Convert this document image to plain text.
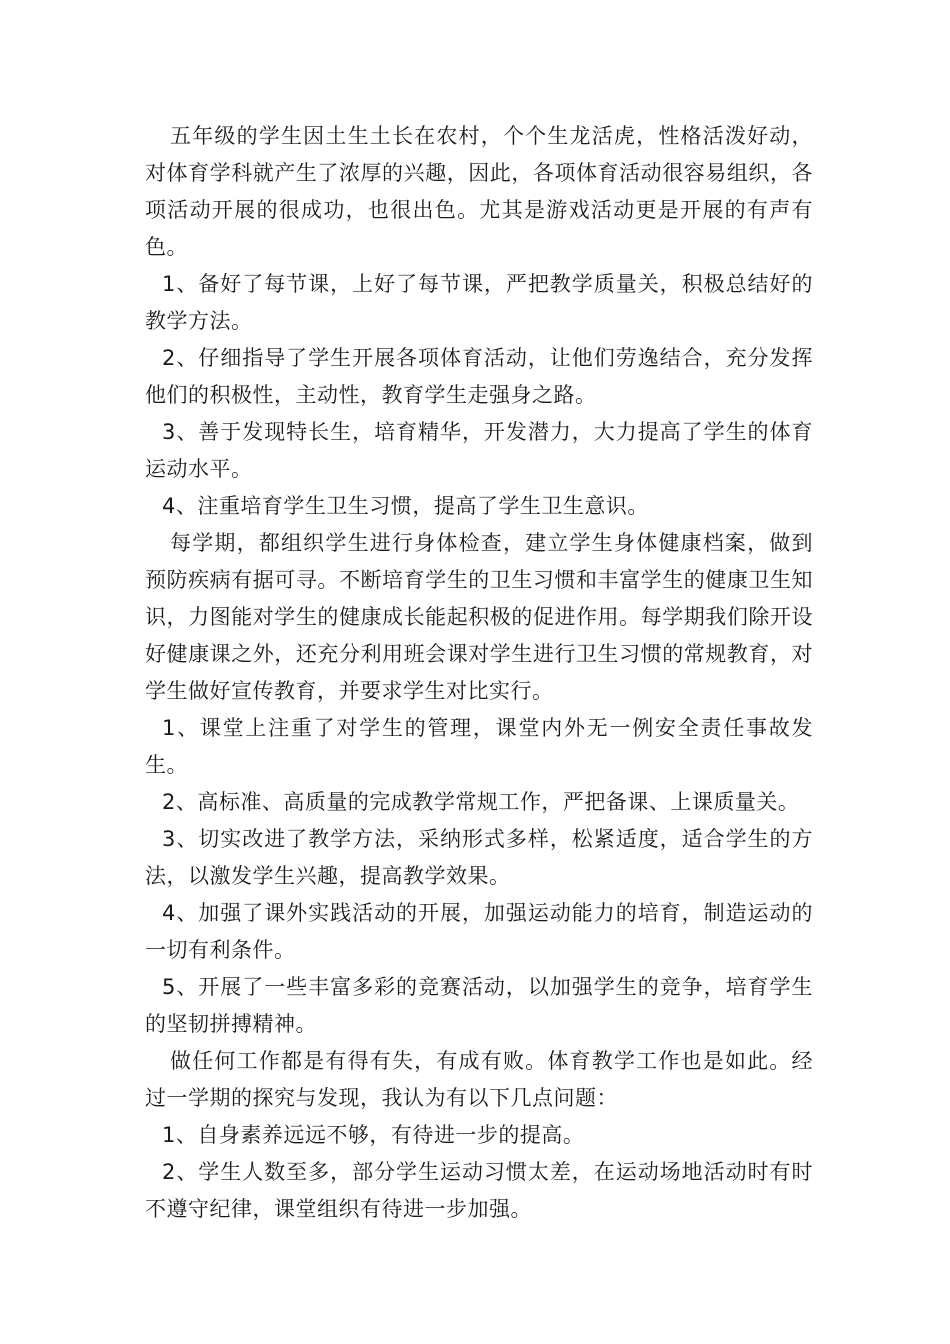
五年级的学生因土生土长在农村，个个生龙活虎，性格活泼好动，对体育学科就产生了浓厚的兴趣，因此，各项体育活动很容易组织，各项活动开展的很成功，也很出色。尤其是游戏活动更是开展的有声有色。

1、备好了每节课，上好了每节课，严把教学质量关，积极总结好的教学方法。

2、仔细指导了学生开展各项体育活动，让他们劳逸结合，充分发挥他们的积极性，主动性，教育学生走强身之路。

3、善于发现特长生，培育精华，开发潜力，大力提高了学生的体育运动水平。

4、注重培育学生卫生习惯，提高了学生卫生意识。

每学期，都组织学生进行身体检查，建立学生身体健康档案，做到预防疾病有据可寻。不断培育学生的卫生习惯和丰富学生的健康卫生知识，力图能对学生的健康成长能起积极的促进作用。每学期我们除开设好健康课之外，还充分利用班会课对学生进行卫生习惯的常规教育，对学生做好宣传教育，并要求学生对比实行。

1、课堂上注重了对学生的管理，课堂内外无一例安全责任事故发生。

2、高标准、高质量的完成教学常规工作，严把备课、上课质量关。

3、切实改进了教学方法，采纳形式多样，松紧适度，适合学生的方法，以激发学生兴趣，提高教学效果。

4、加强了课外实践活动的开展，加强运动能力的培育，制造运动的一切有利条件。

5、开展了一些丰富多彩的竞赛活动，以加强学生的竞争，培育学生的坚韧拼搏精神。

做任何工作都是有得有失，有成有败。体育教学工作也是如此。经过一学期的探究与发现，我认为有以下几点问题：

1、自身素养远远不够，有待进一步的提高。

2、学生人数至多，部分学生运动习惯太差，在运动场地活动时有时不遵守纪律，课堂组织有待进一步加强。
